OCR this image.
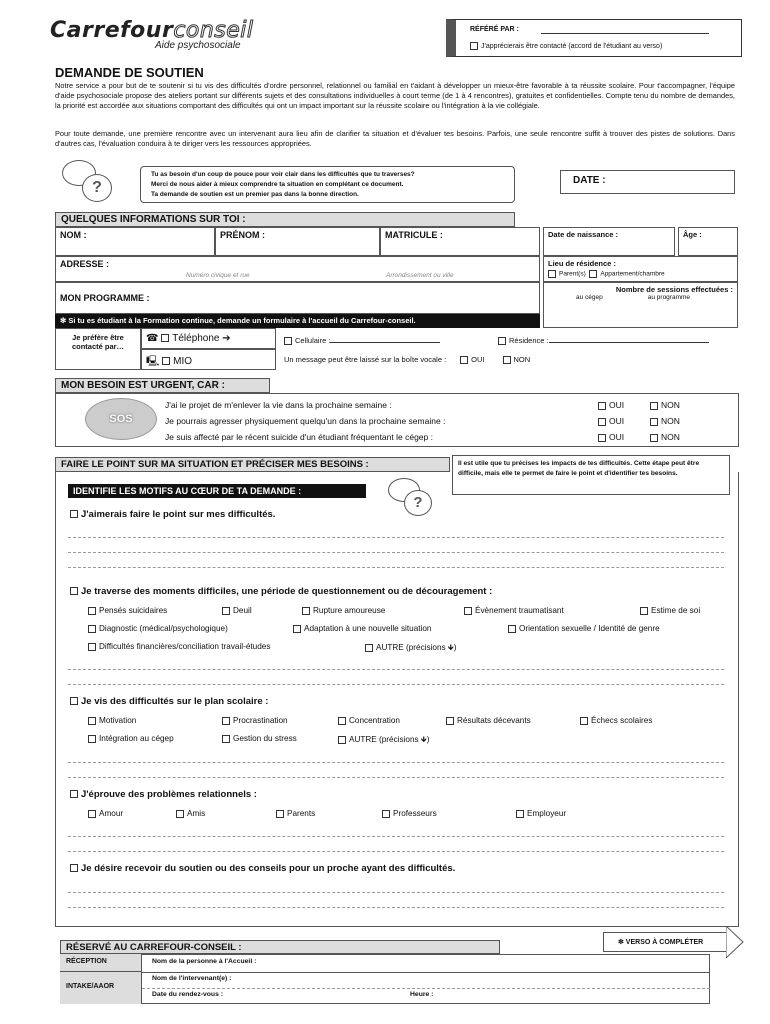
Carrefourconseil
Aide psychosociale
RÉFÉRÉ PAR :
J'apprécierais être contacté (accord de l'étudiant au verso)
DEMANDE DE SOUTIEN
Notre service a pour but de te soutenir si tu vis des difficultés d'ordre personnel, relationnel ou familial en t'aidant à développer un mieux-être favorable à ta réussite scolaire. Pour t'accompagner, l'équipe d'aide psychosociale propose des ateliers portant sur différents sujets et des consultations individuelles à court terme (de 1 à 4 rencontres), gratuites et confidentielles. Compte tenu du nombre de demandes, la priorité est accordée aux situations comportant des difficultés qui ont un impact important sur la réussite scolaire ou l'intégration à la vie collégiale.
Pour toute demande, une première rencontre avec un intervenant aura lieu afin de clarifier ta situation et d'évaluer tes besoins. Parfois, une seule rencontre suffit à trouver des pistes de solutions. Dans d'autres cas, l'évaluation conduira à te diriger vers les ressources appropriées.
?
Tu as besoin d'un coup de pouce pour voir clair dans les difficultés que tu traverses?
Merci de nous aider à mieux comprendre ta situation en complétant ce document.
Ta demande de soutien est un premier pas dans la bonne direction.
DATE :
QUELQUES INFORMATIONS SUR TOI :
NOM :	PRÉNOM :	MATRICULE :	Date de naissance :	Âge :
ADRESSE :
Numéro civique et rue	Arrondissement ou ville
Lieu de résidence :
Parent(s) Appartement/chambre
MON PROGRAMME :
Nombre de sessions effectuées :
au cégep	au programme
✻ Si tu es étudiant à la Formation continue, demande un formulaire à l'accueil du Carrefour-conseil.
Je préfère être contacté par…
☎ Téléphone ➔	Cellulaire :	Résidence :
🖳 MIO	Un message peut être laissé sur la boîte vocale :	OUI	NON
MON BESOIN EST URGENT, CAR :
SOS
J'ai le projet de m'enlever la vie dans la prochaine semaine :
Je pourrais agresser physiquement quelqu'un dans la prochaine semaine :
Je suis affecté par le récent suicide d'un étudiant fréquentant le cégep :
OUI	NON
OUI	NON
OUI	NON
FAIRE LE POINT SUR MA SITUATION ET PRÉCISER MES BESOINS :	Il est utile que tu précises les impacts de tes difficultés. Cette étape peut être difficile, mais elle te permet de faire le point et d'identifier tes besoins.
IDENTIFIE LES MOTIFS AU CŒUR DE TA DEMANDE :
?
J'aimerais faire le point sur mes difficultés.
Je traverse des moments difficiles, une période de questionnement ou de découragement :
Pensés suicidaires	Deuil	Rupture amoureuse	Évènement traumatisant	Estime de soi
Diagnostic (médical/psychologique)	Adaptation à une nouvelle situation	Orientation sexuelle / Identité de genre
Difficultés financières/conciliation travail-études	AUTRE (précisions 🡻)
Je vis des difficultés sur le plan scolaire :
Motivation	Procrastination	Concentration	Résultats décevants	Échecs scolaires
Intégration au cégep	Gestion du stress	AUTRE (précisions 🡻)
J'éprouve des problèmes relationnels :
Amour	Amis	Parents	Professeurs	Employeur
Je désire recevoir du soutien ou des conseils pour un proche ayant des difficultés.
✻ VERSO À COMPLÉTER
RÉSERVÉ AU CARREFOUR-CONSEIL :
RÉCEPTION
INTAKE/AAOR
Nom de la personne à l'Accueil :
Nom de l'intervenant(e) :
Date du rendez-vous :	Heure :
